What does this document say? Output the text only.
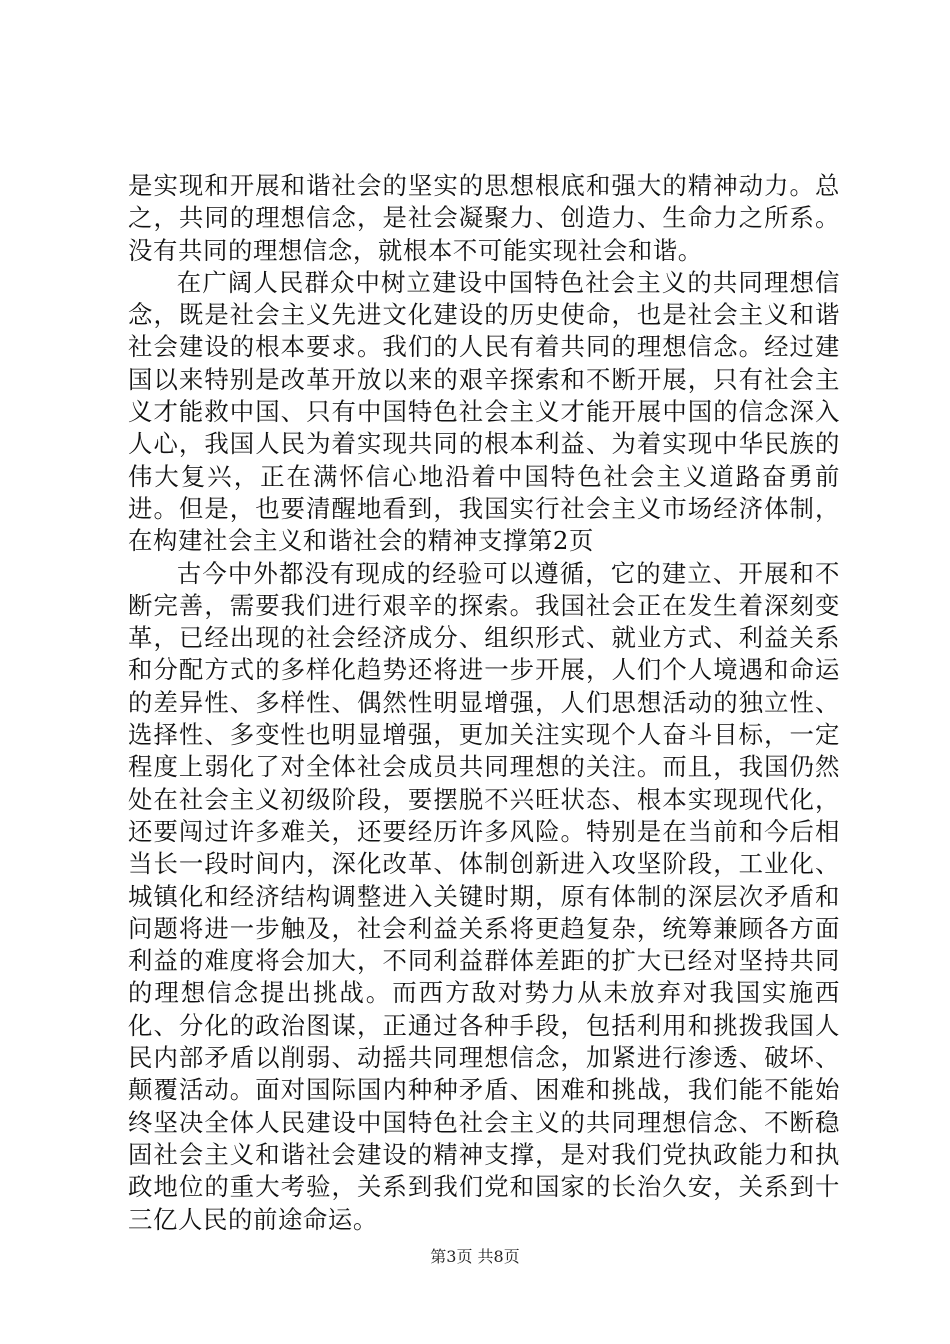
是实现和开展和谐社会的坚实的思想根底和强大的精神动力。总之，共同的理想信念，是社会凝聚力、创造力、生命力之所系。没有共同的理想信念，就根本不可能实现社会和谐。

在广阔人民群众中树立建设中国特色社会主义的共同理想信念，既是社会主义先进文化建设的历史使命，也是社会主义和谐社会建设的根本要求。我们的人民有着共同的理想信念。经过建国以来特别是改革开放以来的艰辛探索和不断开展，只有社会主义才能救中国、只有中国特色社会主义才能开展中国的信念深入人心，我国人民为着实现共同的根本利益、为着实现中华民族的伟大复兴，正在满怀信心地沿着中国特色社会主义道路奋勇前进。但是，也要清醒地看到，我国实行社会主义市场经济体制，在构建社会主义和谐社会的精神支撑第2页

古今中外都没有现成的经验可以遵循，它的建立、开展和不断完善，需要我们进行艰辛的探索。我国社会正在发生着深刻变革，已经出现的社会经济成分、组织形式、就业方式、利益关系和分配方式的多样化趋势还将进一步开展，人们个人境遇和命运的差异性、多样性、偶然性明显增强，人们思想活动的独立性、选择性、多变性也明显增强，更加关注实现个人奋斗目标，一定程度上弱化了对全体社会成员共同理想的关注。而且，我国仍然处在社会主义初级阶段，要摆脱不兴旺状态、根本实现现代化，还要闯过许多难关，还要经历许多风险。特别是在当前和今后相当长一段时间内，深化改革、体制创新进入攻坚阶段，工业化、城镇化和经济结构调整进入关键时期，原有体制的深层次矛盾和问题将进一步触及，社会利益关系将更趋复杂，统筹兼顾各方面利益的难度将会加大，不同利益群体差距的扩大已经对坚持共同的理想信念提出挑战。而西方敌对势力从未放弃对我国实施西化、分化的政治图谋，正通过各种手段，包括利用和挑拨我国人民内部矛盾以削弱、动摇共同理想信念，加紧进行渗透、破坏、颠覆活动。面对国际国内种种矛盾、困难和挑战，我们能不能始终坚决全体人民建设中国特色社会主义的共同理想信念、不断稳固社会主义和谐社会建设的精神支撑，是对我们党执政能力和执政地位的重大考验，关系到我们党和国家的长治久安，关系到十三亿人民的前途命运。

第3页 共8页
